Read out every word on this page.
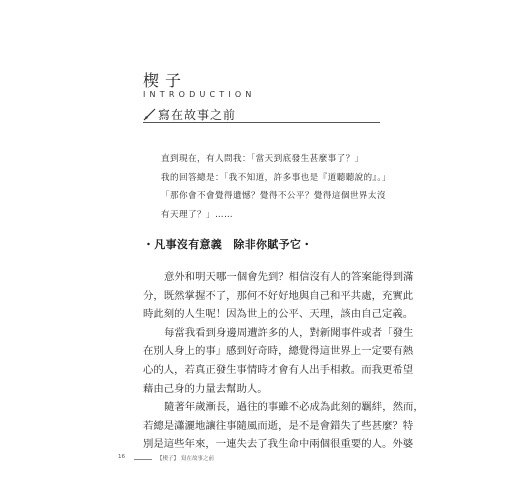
楔子
INTRODUCTION
寫在故事之前
直到現在，有人問我：「當天到底發生甚麼事了？」
我的回答總是：「我不知道，許多事也是『道聽聽說的』。」
「那你會不會覺得遺憾？覺得不公平？覺得這個世界太沒
有天理了？」……
・凡事沒有意義　除非你賦予它・
意外和明天哪一個會先到？相信沒有人的答案能得到滿
分，既然掌握不了，那何不好好地與自己和平共處，充實此
時此刻的人生呢！因為世上的公平、天理，該由自己定義。
每當我看到身邊周遭許多的人，對新聞事件或者「發生
在別人身上的事」感到好奇時，總覺得這世界上一定要有熱
心的人，若真正發生事情時才會有人出手相救。而我更希望
藉由己身的力量去幫助人。
隨著年歲漸長，過往的事雖不必成為此刻的羈絆，然而，
若總是瀟灑地讓往事隨風而逝，是不是會錯失了些甚麼？特
別是這些年來，一連失去了我生命中兩個很重要的人。外婆
16	【楔子】 寫在故事之前
